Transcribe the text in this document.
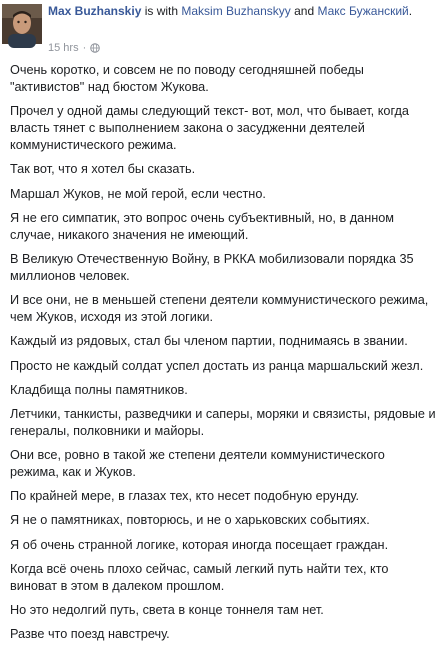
Max Buzhanskiy is with Maksim Buzhanskyy and Макс Бужанский.
15 hrs ·

Очень коротко, и совсем не по поводу сегодняшней победы "активистов" над бюстом Жукова.

Прочел у одной дамы следующий текст- вот, мол, что бывает, когда власть тянет с выполнением закона о засудженни деятелей коммунистического режима.

Так вот, что я хотел бы сказать.

Маршал Жуков, не мой герой, если честно.

Я не его симпатик, это вопрос очень субъективный, но, в данном случае, никакого значения не имеющий.

В Великую Отечественную Войну, в РККА мобилизовали порядка 35 миллионов человек.

И все они, не в меньшей степени деятели коммунистического режима, чем Жуков, исходя из этой логики.

Каждый из рядовых, стал бы членом партии, поднимаясь в звании.

Просто не каждый солдат успел достать из ранца маршальский жезл.

Кладбища полны памятников.

Летчики, танкисты, разведчики и саперы, моряки и связисты, рядовые и генералы, полковники и майоры.

Они все, ровно в такой же степени деятели коммунистического режима, как и Жуков.

По крайней мере, в глазах тех, кто несет подобную ерунду.

Я не о памятниках, повторюсь, и не о харьковских событиях.

Я об очень странной логике, которая иногда посещает граждан.

Когда всё очень плохо сейчас, самый легкий путь найти тех, кто виноват в этом в далеком прошлом.

Но это недолгий путь, света в конце тоннеля там нет.

Разве что поезд навстречу.
